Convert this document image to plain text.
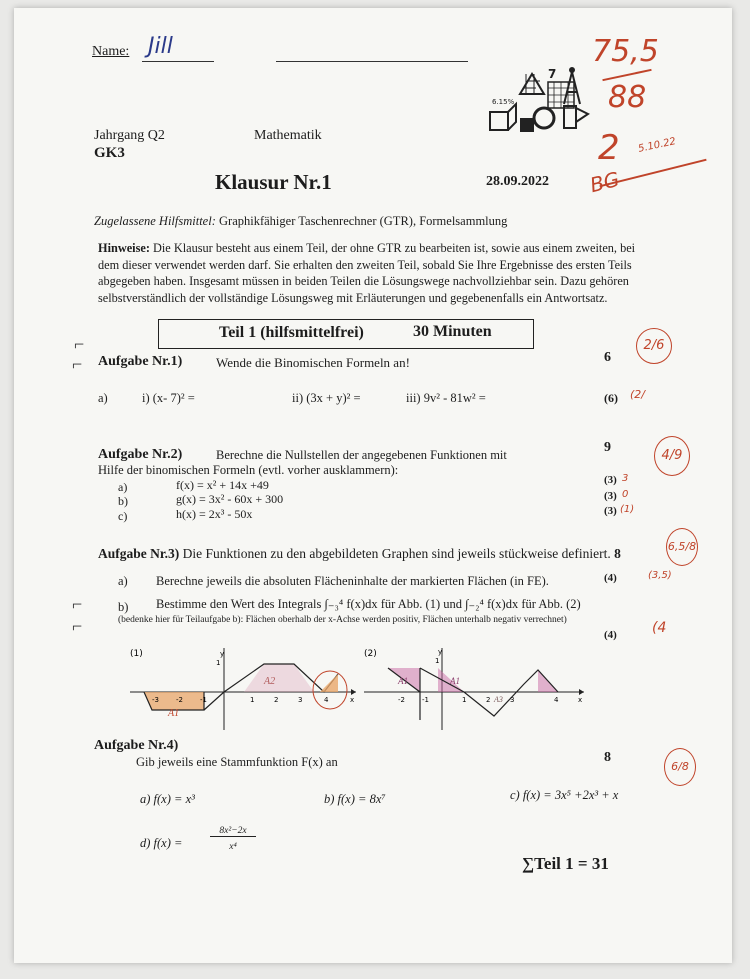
Name: Jill
6.15%
7
75,5
88
2 5.10.22
BG
Jahrgang Q2
GK3
Mathematik
Klausur Nr.1	28.09.2022
Zugelassene Hilfsmittel: Graphikfähiger Taschenrechner (GTR), Formelsammlung
Hinweise: Die Klausur besteht aus einem Teil, der ohne GTR zu bearbeiten ist, sowie aus einem zweiten, bei
dem dieser verwendet werden darf. Sie erhalten den zweiten Teil, sobald Sie Ihre Ergebnisse des ersten Teils
abgegeben haben. Insgesamt müssen in beiden Teilen die Lösungswege nachvollziehbar sein. Dazu gehören
selbstverständlich der vollständige Lösungsweg mit Erläuterungen und gegebenenfalls ein Antwortsatz.
Teil 1 (hilfsmittelfrei)	30 Minuten
⌐
⌐
⌐
⌐
Aufgabe Nr.1)	Wende die Binomischen Formeln an!	6
2/6
a)	i) (x- 7)² =	ii) (3x + y)² =	iii) 9v² - 81w² =	(6) (2/
Aufgabe Nr.2)	Berechne die Nullstellen der angegebenen Funktionen mit
Hilfe der binomischen Formeln (evtl. vorher ausklammern):
9
4/9
a)	f(x) = x² + 14x +49	(3) 3
b)	g(x) = 3x² - 60x + 300	(3) 0
c)	h(x) = 2x³ - 50x	(3) (1)
Aufgabe Nr.3) Die Funktionen zu den abgebildeten Graphen sind jeweils stückweise definiert. 8	6,5/8
a) Berechne jeweils die absoluten Flächeninhalte der markierten Flächen (in FE).	(4)	(3,5)
b) Bestimme den Wert des Integrals ∫₋₃⁴ f(x)dx für Abb. (1) und ∫₋₂⁴ f(x)dx für Abb. (2)
(bedenke hier für Teilaufgabe b): Flächen oberhalb der x-Achse werden positiv, Flächen unterhalb negativ verrechnet)
(4)	(4
(1)	y
1
x
A2
A1
-3 -2 -1	1	2	3	4
(2)	y
1
x
A1	A1
A3
-2 -1	1	2	3	4
Aufgabe Nr.4)
Gib jeweils eine Stammfunktion F(x) an	8
6/8
a) f(x) = x³	b) f(x) = 8x⁷	c) f(x) = 3x⁵ +2x³ + x
d) f(x) =
8x²−2x
x⁴
∑Teil 1 = 31
